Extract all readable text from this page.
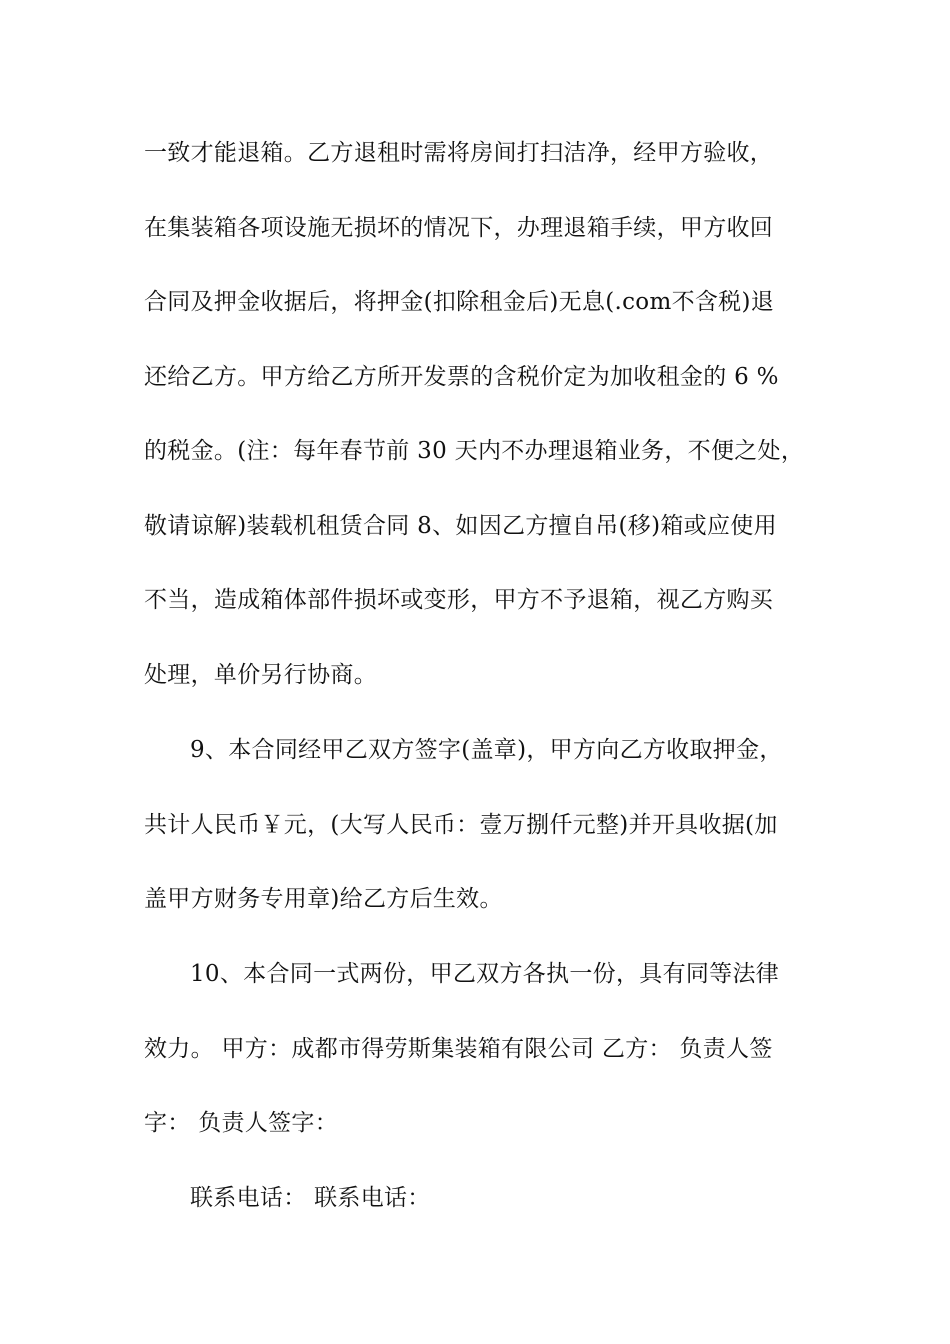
一致才能退箱。乙方退租时需将房间打扫洁净，经甲方验收，
在集装箱各项设施无损坏的情况下，办理退箱手续，甲方收回
合同及押金收据后，将押金(扣除租金后)无息(.com不含税)退
还给乙方。甲方给乙方所开发票的含税价定为加收租金的 6 %
的税金。(注：每年春节前 30 天内不办理退箱业务，不便之处，
敬请谅解)装载机租赁合同 8、如因乙方擅自吊(移)箱或应使用
不当，造成箱体部件损坏或变形，甲方不予退箱，视乙方购买
处理，单价另行协商。
9、本合同经甲乙双方签字(盖章)，甲方向乙方收取押金，
共计人民币￥元，(大写人民币：壹万捌仟元整)并开具收据(加
盖甲方财务专用章)给乙方后生效。
10、本合同一式两份，甲乙双方各执一份，具有同等法律
效力。 甲方：成都市得劳斯集装箱有限公司 乙方： 负责人签
字： 负责人签字：
联系电话： 联系电话：
